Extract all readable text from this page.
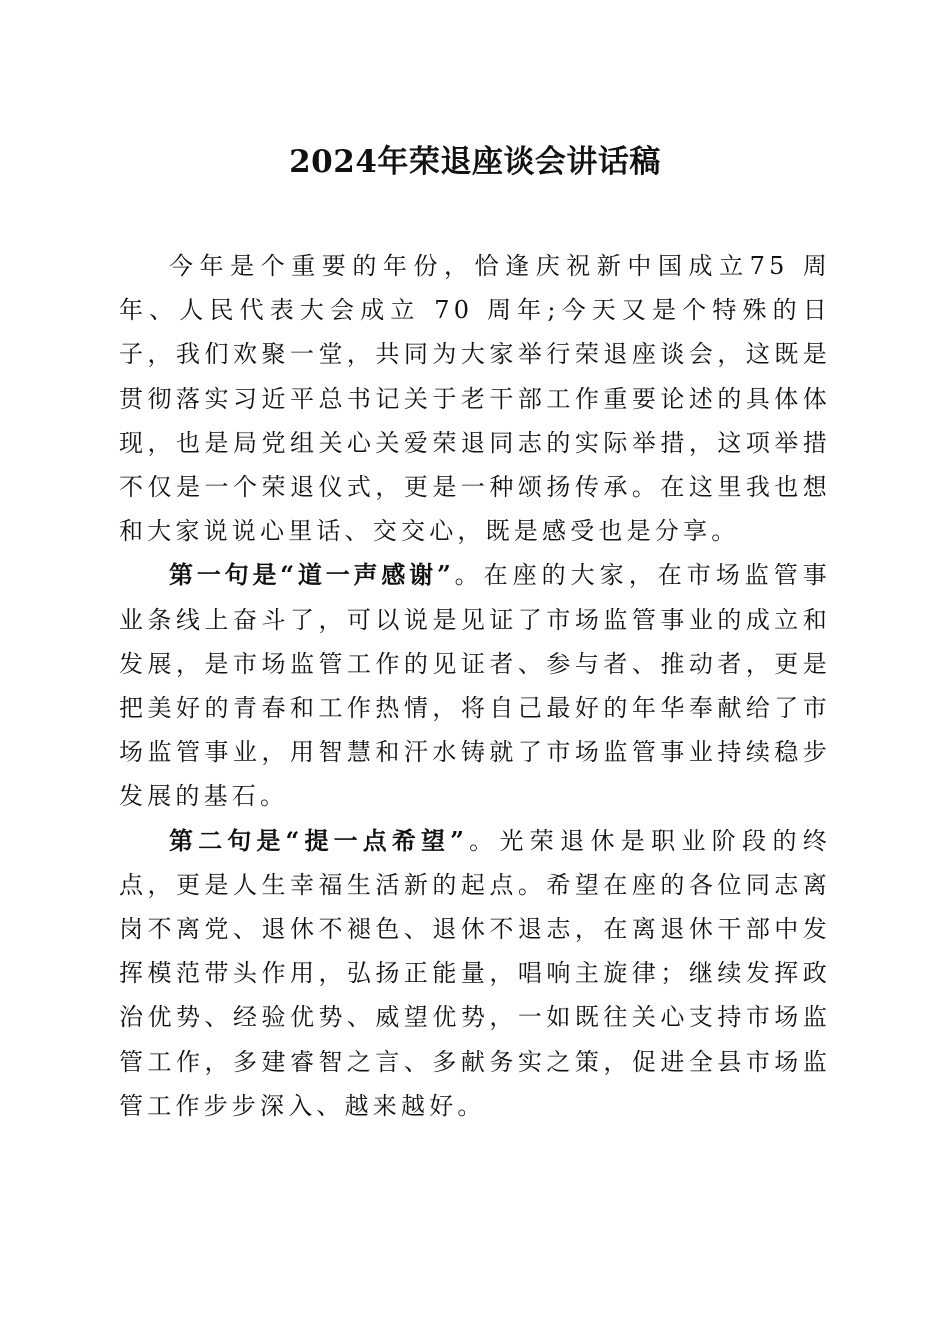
2024年荣退座谈会讲话稿

今年是个重要的年份，恰逢庆祝新中国成立75 周年、人民代表大会成立 70 周年;今天又是个特殊的日子，我们欢聚一堂，共同为大家举行荣退座谈会，这既是贯彻落实习近平总书记关于老干部工作重要论述的具体体现，也是局党组关心关爱荣退同志的实际举措，这项举措不仅是一个荣退仪式，更是一种颂扬传承。在这里我也想和大家说说心里话、交交心，既是感受也是分享。

第一句是“道一声感谢”。在座的大家，在市场监管事业条线上奋斗了，可以说是见证了市场监管事业的成立和发展，是市场监管工作的见证者、参与者、推动者，更是把美好的青春和工作热情，将自己最好的年华奉献给了市场监管事业，用智慧和汗水铸就了市场监管事业持续稳步发展的基石。

第二句是“提一点希望”。光荣退休是职业阶段的终点，更是人生幸福生活新的起点。希望在座的各位同志离岗不离党、退休不褪色、退休不退志，在离退休干部中发挥模范带头作用，弘扬正能量，唱响主旋律；继续发挥政治优势、经验优势、威望优势，一如既往关心支持市场监管工作，多建睿智之言、多献务实之策，促进全县市场监管工作步步深入、越来越好。
